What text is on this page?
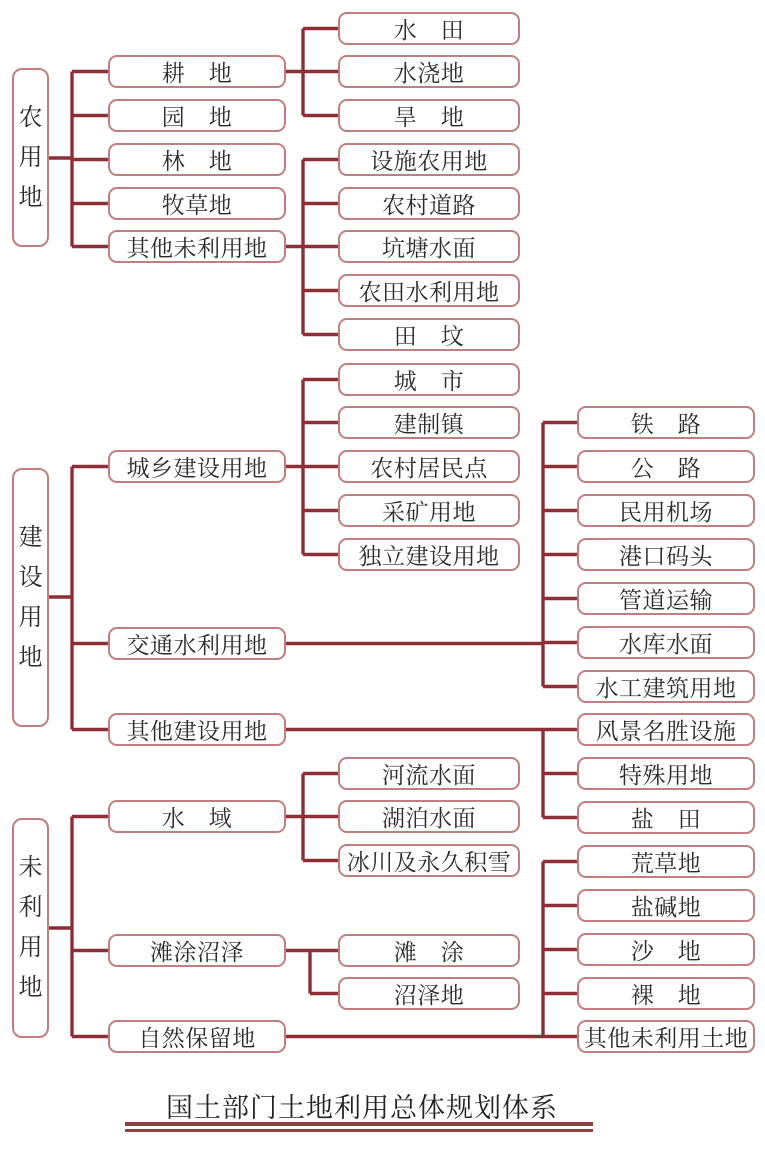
农用地
建设用地
未利用地
耕　地
园　地
林　地
牧草地
其他未利用地
水　田
水浇地
旱　地
设施农用地
农村道路
坑塘水面
农田水利用地
田　坟
城乡建设用地
交通水利用地
其他建设用地
城　市
建制镇
农村居民点
采矿用地
独立建设用地
铁　路
公　路
民用机场
港口码头
管道运输
水库水面
水工建筑用地
风景名胜设施
特殊用地
盐　田
水　域
滩涂沼泽
自然保留地
河流水面
湖泊水面
冰川及永久积雪
滩　涂
沼泽地
荒草地
盐碱地
沙　地
裸　地
其他未利用土地
国土部门土地利用总体规划体系
